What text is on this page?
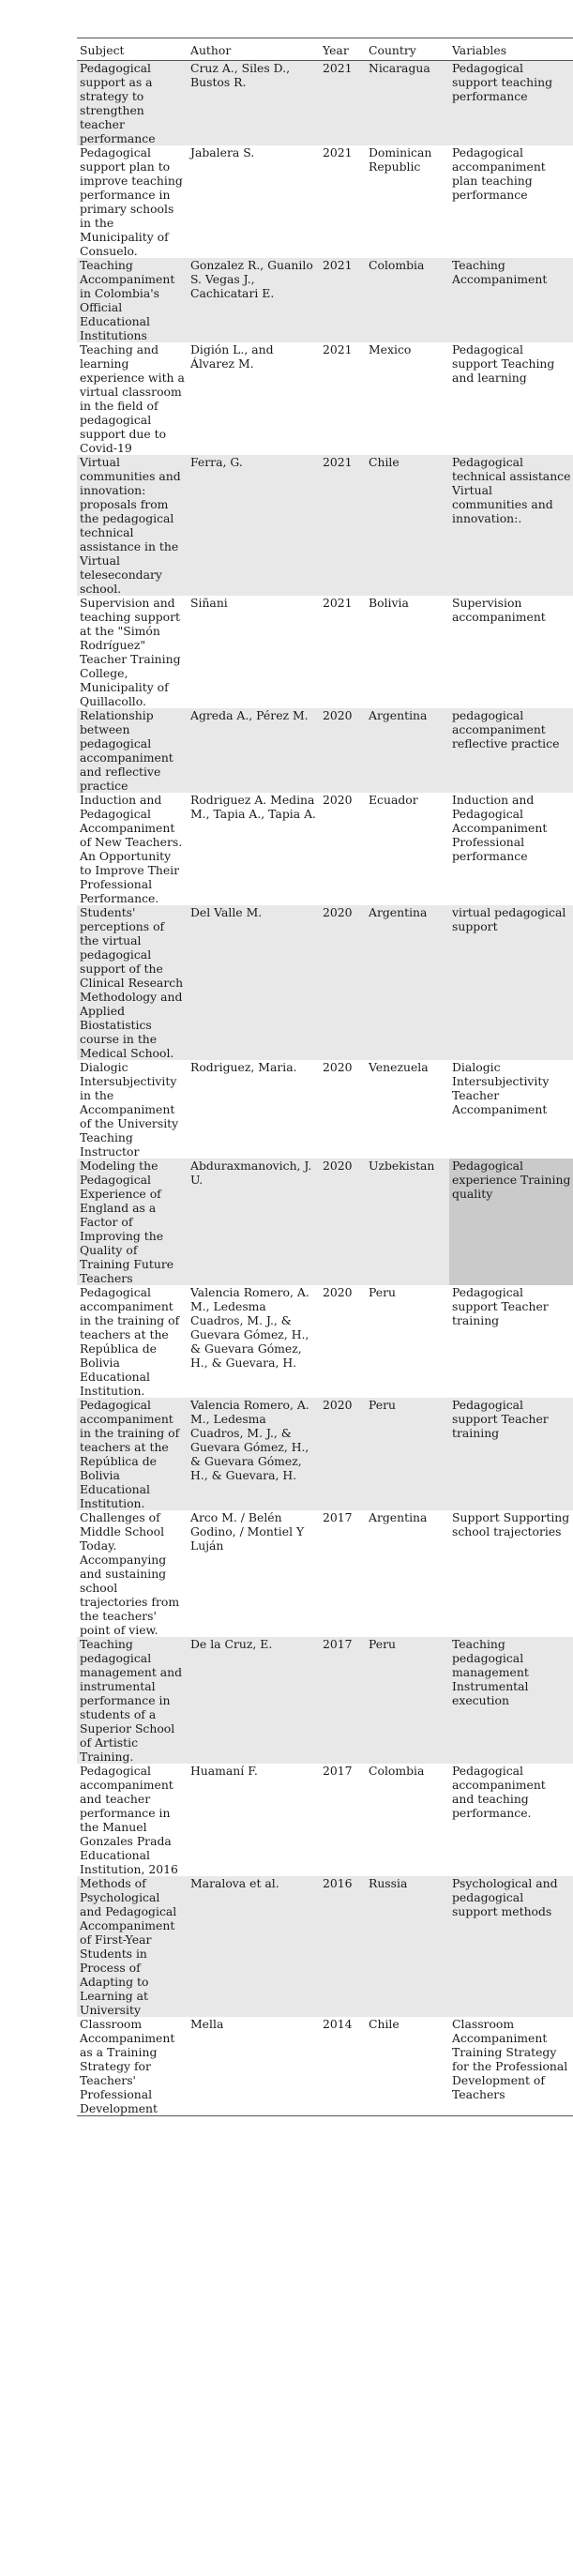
Subject	Author	Year	Country	Variables
Pedagogical support as a strategy to strengthen teacher performance	Cruz A., Siles D., Bustos R.	2021	Nicaragua	Pedagogical support teaching performance
Pedagogical support plan to improve teaching performance in primary schools in the Municipality of Consuelo.	Jabalera S.	2021	Dominican Republic	Pedagogical accompaniment plan teaching performance
Teaching Accompaniment in Colombia's Official Educational Institutions	Gonzalez R., Guanilo S. Vegas J., Cachicatari E.	2021	Colombia	Teaching Accompaniment
Teaching and learning experience with a virtual classroom in the field of pedagogical support due to Covid-19	Digión L., and Álvarez M.	2021	Mexico	Pedagogical support Teaching and learning
Virtual communities and innovation: proposals from the pedagogical technical assistance in the Virtual telesecondary school.	Ferra, G.	2021	Chile	Pedagogical technical assistance Virtual communities and innovation:.
Supervision and teaching support at the "Simón Rodríguez" Teacher Training College, Municipality of Quillacollo.	Siñani	2021	Bolivia	Supervision accompaniment
Relationship between pedagogical accompaniment and reflective practice	Agreda A., Pérez M.	2020	Argentina	pedagogical accompaniment reflective practice
Induction and Pedagogical Accompaniment of New Teachers. An Opportunity to Improve Their Professional Performance.	Rodriguez A. Medina M., Tapia A., Tapia A.	2020	Ecuador	Induction and Pedagogical Accompaniment Professional performance
Students' perceptions of the virtual pedagogical support of the Clinical Research Methodology and Applied Biostatistics course in the Medical School.	Del Valle M.	2020	Argentina	virtual pedagogical support
Dialogic Intersubjectivity in the Accompaniment of the University Teaching Instructor	Rodriguez, Maria.	2020	Venezuela	Dialogic Intersubjectivity Teacher Accompaniment
Modeling the Pedagogical Experience of England as a Factor of Improving the Quality of Training Future Teachers	Abduraxmanovich, J. U.	2020	Uzbekistan	Pedagogical experience Training quality
Pedagogical accompaniment in the training of teachers at the República de Bolivia Educational Institution.	Valencia Romero, A. M., Ledesma Cuadros, M. J., & Guevara Gómez, H., & Guevara Gómez, H., & Guevara, H.	2020	Peru	Pedagogical support Teacher training
Pedagogical accompaniment in the training of teachers at the República de Bolivia Educational Institution.	Valencia Romero, A. M., Ledesma Cuadros, M. J., & Guevara Gómez, H., & Guevara Gómez, H., & Guevara, H.	2020	Peru	Pedagogical support Teacher training
Challenges of Middle School Today. Accompanying and sustaining school trajectories from the teachers' point of view.	Arco M. / Belén Godino, / Montiel Y Luján	2017	Argentina	Support Supporting school trajectories
Teaching pedagogical management and instrumental performance in students of a Superior School of Artistic Training.	De la Cruz, E.	2017	Peru	Teaching pedagogical management Instrumental execution
Pedagogical accompaniment and teacher performance in the Manuel Gonzales Prada Educational Institution, 2016	Huamaní F.	2017	Colombia	Pedagogical accompaniment and teaching performance.
Methods of Psychological and Pedagogical Accompaniment of First-Year Students in Process of Adapting to Learning at University	Maralova et al.	2016	Russia	Psychological and pedagogical support methods
Classroom Accompaniment as a Training Strategy for Teachers' Professional Development	Mella	2014	Chile	Classroom Accompaniment Training Strategy for the Professional Development of Teachers
